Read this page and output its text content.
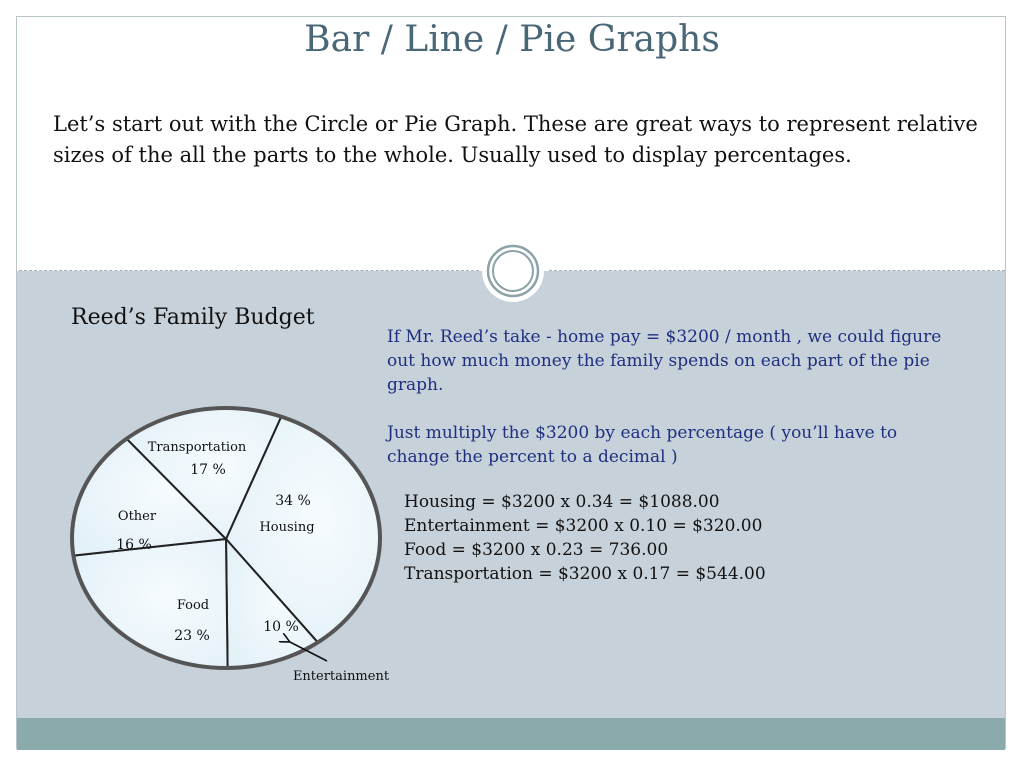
Bar / Line / Pie Graphs
Let’s start out with the Circle or Pie Graph. These are great ways to represent relative sizes of the all the parts to the whole. Usually used to display percentages.
Reed’s Family Budget
Housing
34 %
Entertainment
10 %
Food
23 %
Other
16 %
Transportation
17 %
If Mr. Reed’s take - home pay = $3200 / month , we could figure out how much money the family spends on each part of the pie graph.
Just multiply the $3200 by each percentage ( you’ll have to change the percent to a decimal )
Housing = $3200 x 0.34 = $1088.00
Entertainment = $3200 x 0.10 = $320.00
Food = $3200 x 0.23 = 736.00
Transportation = $3200 x 0.17 = $544.00
